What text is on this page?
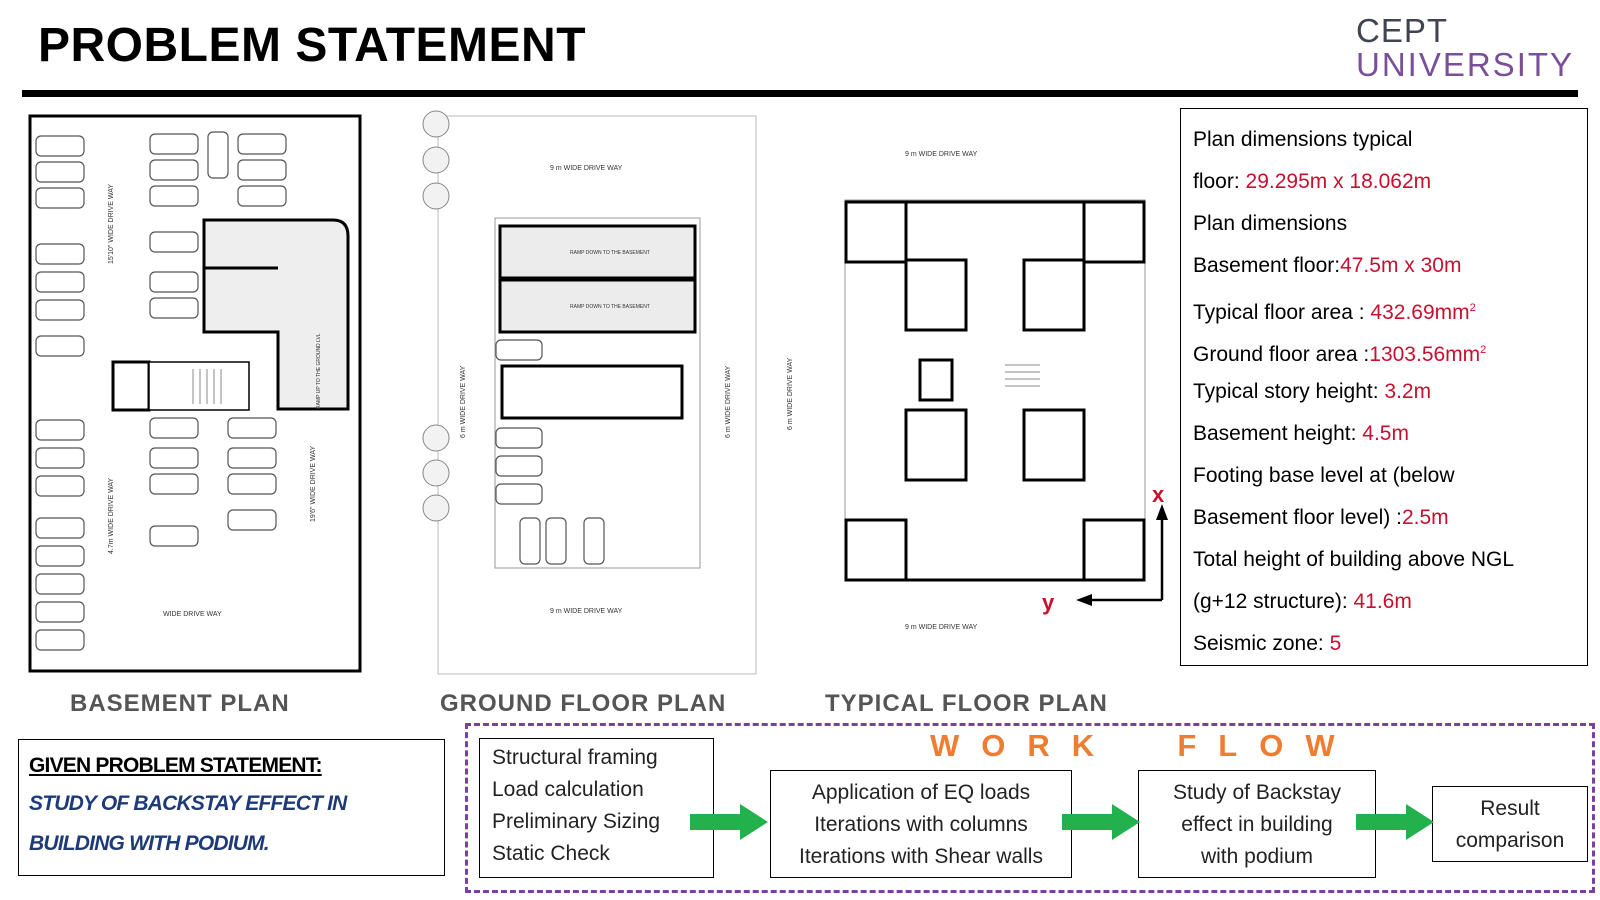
PROBLEM STATEMENT	CEPT
UNIVERSITY
15'10" WIDE DRIVE WAY
4.7m WIDE DRIVE WAY	19'6" WIDE DRIVE WAY
WIDE DRIVE WAY
RAMP UP TO THE GROUND LVL
BASEMENT PLAN
9 m WIDE DRIVE WAY
9 m WIDE DRIVE WAY
6 m WIDE DRIVE WAY	6 m WIDE DRIVE WAY
RAMP DOWN TO THE BASEMENT
RAMP DOWN TO THE BASEMENT
GROUND FLOOR PLAN
9 m WIDE DRIVE WAY
9 m WIDE DRIVE WAY
6 m WIDE DRIVE WAY
x
y
TYPICAL FLOOR PLAN
Plan dimensions typical
floor: 29.295m x 18.062m
Plan dimensions
Basement floor:47.5m x 30m
Typical floor area : $432.69mm^2$
Ground floor area $:1303.56mm^2$
Typical story height: 3.2m
Basement height: 4.5m
Footing base level at (below
Basement floor level) :2.5m
Total height of building above NGL
(g+12 structure): 41.6m
Seismic zone: 5
GIVEN PROBLEM STATEMENT:
STUDY OF BACKSTAY EFFECT IN
BUILDING WITH PODIUM.
WORK  FLOW
Structural framing
Load calculation
Preliminary Sizing
Static Check
Application of EQ loads
Iterations with columns
Iterations with Shear walls
Study of Backstay
effect in building
with podium
Result
comparison
